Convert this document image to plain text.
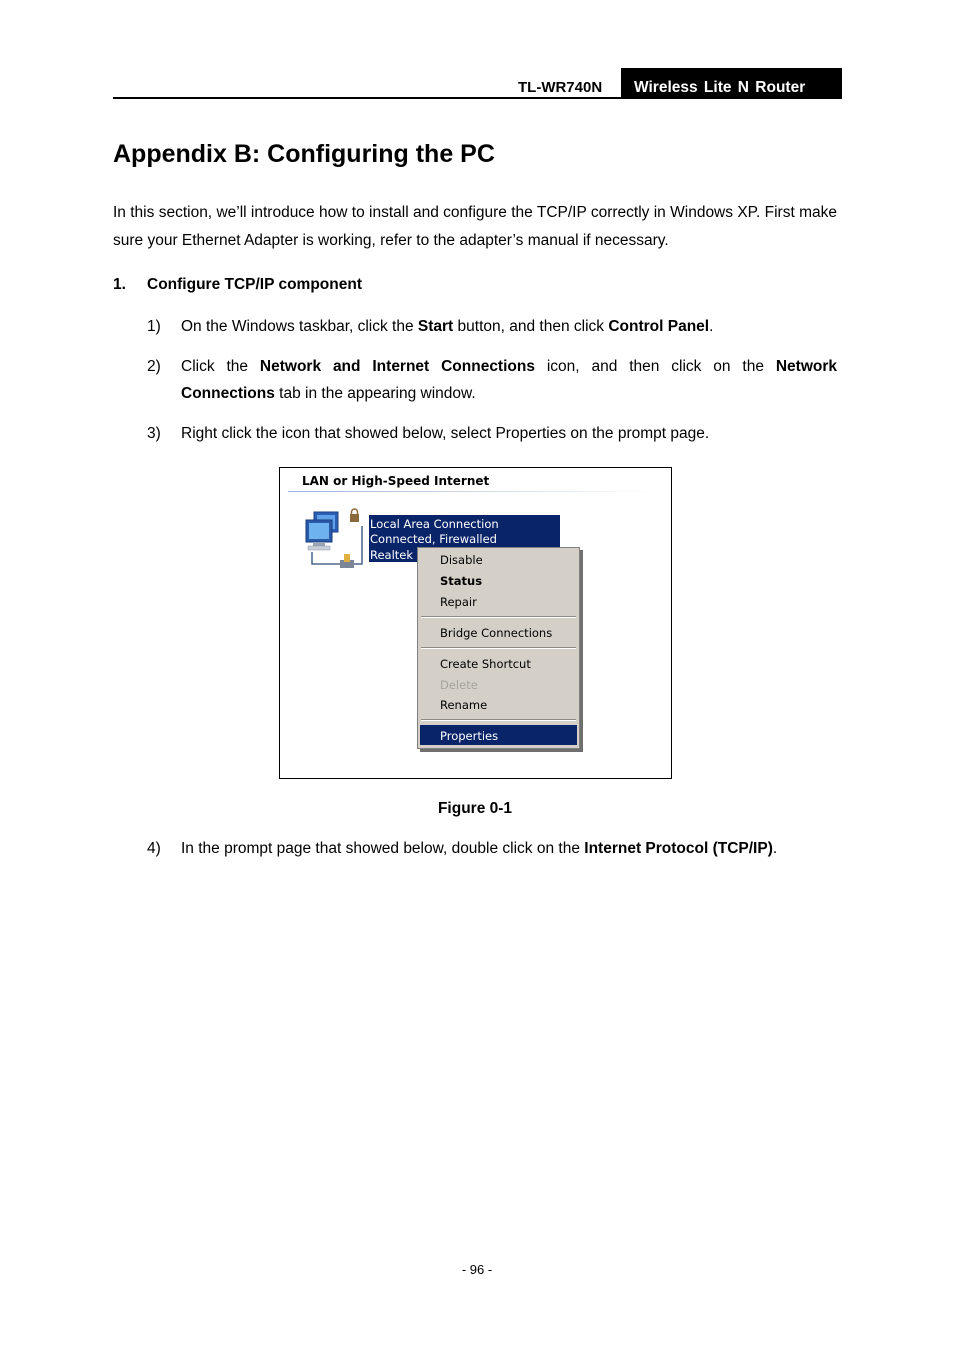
TL-WR740N	Wireless Lite N Router
Appendix B: Configuring the PC

In this section, we’ll introduce how to install and configure the TCP/IP correctly in Windows XP. First make sure your Ethernet Adapter is working, refer to the adapter’s manual if necessary.

1. Configure TCP/IP component
1) On the Windows taskbar, click the Start button, and then click Control Panel.
2) Click the Network and Internet Connections icon, and then click on the Network Connections tab in the appearing window.
3) Right click the icon that showed below, select Properties on the prompt page.
LAN or High-Speed Internet
Local Area Connection
Connected, Firewalled
Realtek Disable
Status
Repair
Bridge Connections
Create Shortcut
Delete
Rename
Properties
Figure 0-1
4) In the prompt page that showed below, double click on the Internet Protocol (TCP/IP).
- 96 -
